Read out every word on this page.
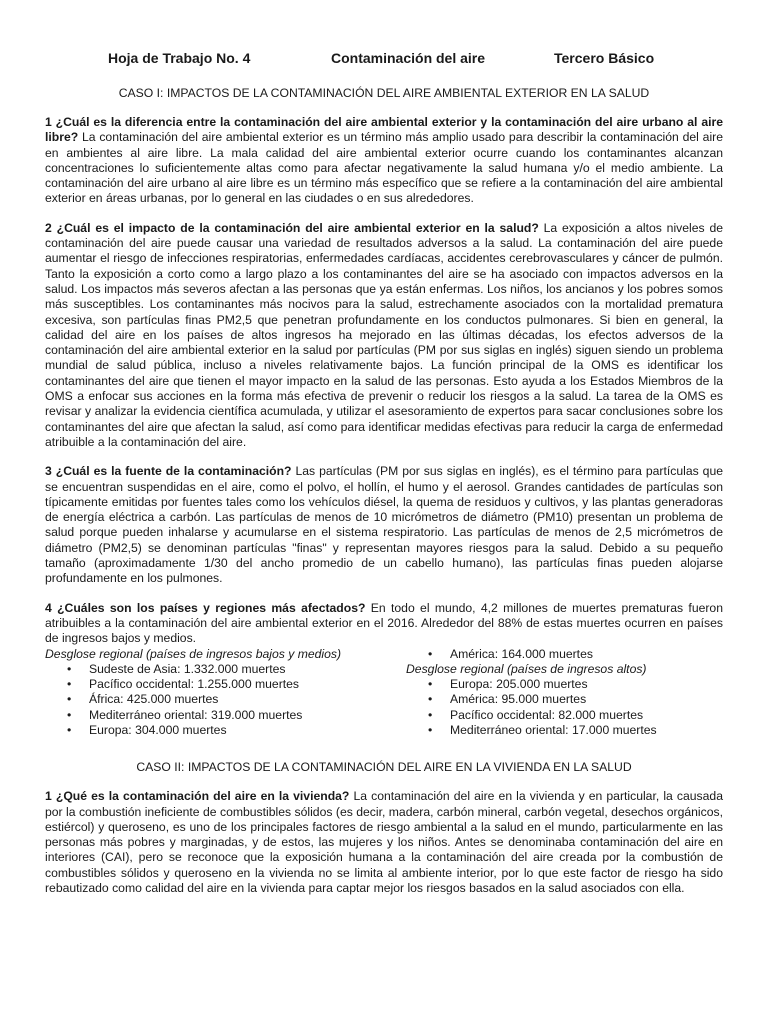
Hoja de Trabajo No. 4	Contaminación del aire	Tercero Básico
CASO I: IMPACTOS DE LA CONTAMINACIÓN DEL AIRE AMBIENTAL EXTERIOR EN LA SALUD

1 ¿Cuál es la diferencia entre la contaminación del aire ambiental exterior y la contaminación del aire urbano al aire libre? La contaminación del aire ambiental exterior es un término más amplio usado para describir la contaminación del aire en ambientes al aire libre. La mala calidad del aire ambiental exterior ocurre cuando los contaminantes alcanzan concentraciones lo suficientemente altas como para afectar negativamente la salud humana y/o el medio ambiente. La contaminación del aire urbano al aire libre es un término más específico que se refiere a la contaminación del aire ambiental exterior en áreas urbanas, por lo general en las ciudades o en sus alrededores.

2 ¿Cuál es el impacto de la contaminación del aire ambiental exterior en la salud? La exposición a altos niveles de contaminación del aire puede causar una variedad de resultados adversos a la salud. La contaminación del aire puede aumentar el riesgo de infecciones respiratorias, enfermedades cardíacas, accidentes cerebrovasculares y cáncer de pulmón. Tanto la exposición a corto como a largo plazo a los contaminantes del aire se ha asociado con impactos adversos en la salud. Los impactos más severos afectan a las personas que ya están enfermas. Los niños, los ancianos y los pobres somos más susceptibles. Los contaminantes más nocivos para la salud, estrechamente asociados con la mortalidad prematura excesiva, son partículas finas PM2,5 que penetran profundamente en los conductos pulmonares. Si bien en general, la calidad del aire en los países de altos ingresos ha mejorado en las últimas décadas, los efectos adversos de la contaminación del aire ambiental exterior en la salud por partículas (PM por sus siglas en inglés) siguen siendo un problema mundial de salud pública, incluso a niveles relativamente bajos. La función principal de la OMS es identificar los contaminantes del aire que tienen el mayor impacto en la salud de las personas. Esto ayuda a los Estados Miembros de la OMS a enfocar sus acciones en la forma más efectiva de prevenir o reducir los riesgos a la salud. La tarea de la OMS es revisar y analizar la evidencia científica acumulada, y utilizar el asesoramiento de expertos para sacar conclusiones sobre los contaminantes del aire que afectan la salud, así como para identificar medidas efectivas para reducir la carga de enfermedad atribuible a la contaminación del aire.

3 ¿Cuál es la fuente de la contaminación? Las partículas (PM por sus siglas en inglés), es el término para partículas que se encuentran suspendidas en el aire, como el polvo, el hollín, el humo y el aerosol. Grandes cantidades de partículas son típicamente emitidas por fuentes tales como los vehículos diésel, la quema de residuos y cultivos, y las plantas generadoras de energía eléctrica a carbón. Las partículas de menos de 10 micrómetros de diámetro (PM10) presentan un problema de salud porque pueden inhalarse y acumularse en el sistema respiratorio. Las partículas de menos de 2,5 micrómetros de diámetro (PM2,5) se denominan partículas "finas" y representan mayores riesgos para la salud. Debido a su pequeño tamaño (aproximadamente 1/30 del ancho promedio de un cabello humano), las partículas finas pueden alojarse profundamente en los pulmones.

4 ¿Cuáles son los países y regiones más afectados? En todo el mundo, 4,2 millones de muertes prematuras fueron atribuibles a la contaminación del aire ambiental exterior en el 2016. Alrededor del 88% de estas muertes ocurren en países de ingresos bajos y medios.

Desglose regional (países de ingresos bajos y medios)
• Sudeste de Asia: 1.332.000 muertes
• Pacífico occidental: 1.255.000 muertes
• África: 425.000 muertes
• Mediterráneo oriental: 319.000 muertes
• Europa: 304.000 muertes
• América: 164.000 muertes
Desglose regional (países de ingresos altos)
• Europa: 205.000 muertes
• América: 95.000 muertes
• Pacífico occidental: 82.000 muertes
• Mediterráneo oriental: 17.000 muertes
CASO II: IMPACTOS DE LA CONTAMINACIÓN DEL AIRE EN LA VIVIENDA EN LA SALUD

1 ¿Qué es la contaminación del aire en la vivienda? La contaminación del aire en la vivienda y en particular, la causada por la combustión ineficiente de combustibles sólidos (es decir, madera, carbón mineral, carbón vegetal, desechos orgánicos, estiércol) y queroseno, es uno de los principales factores de riesgo ambiental a la salud en el mundo, particularmente en las personas más pobres y marginadas, y de estos, las mujeres y los niños. Antes se denominaba contaminación del aire en interiores (CAI), pero se reconoce que la exposición humana a la contaminación del aire creada por la combustión de combustibles sólidos y queroseno en la vivienda no se limita al ambiente interior, por lo que este factor de riesgo ha sido rebautizado como calidad del aire en la vivienda para captar mejor los riesgos basados en la salud asociados con ella.
